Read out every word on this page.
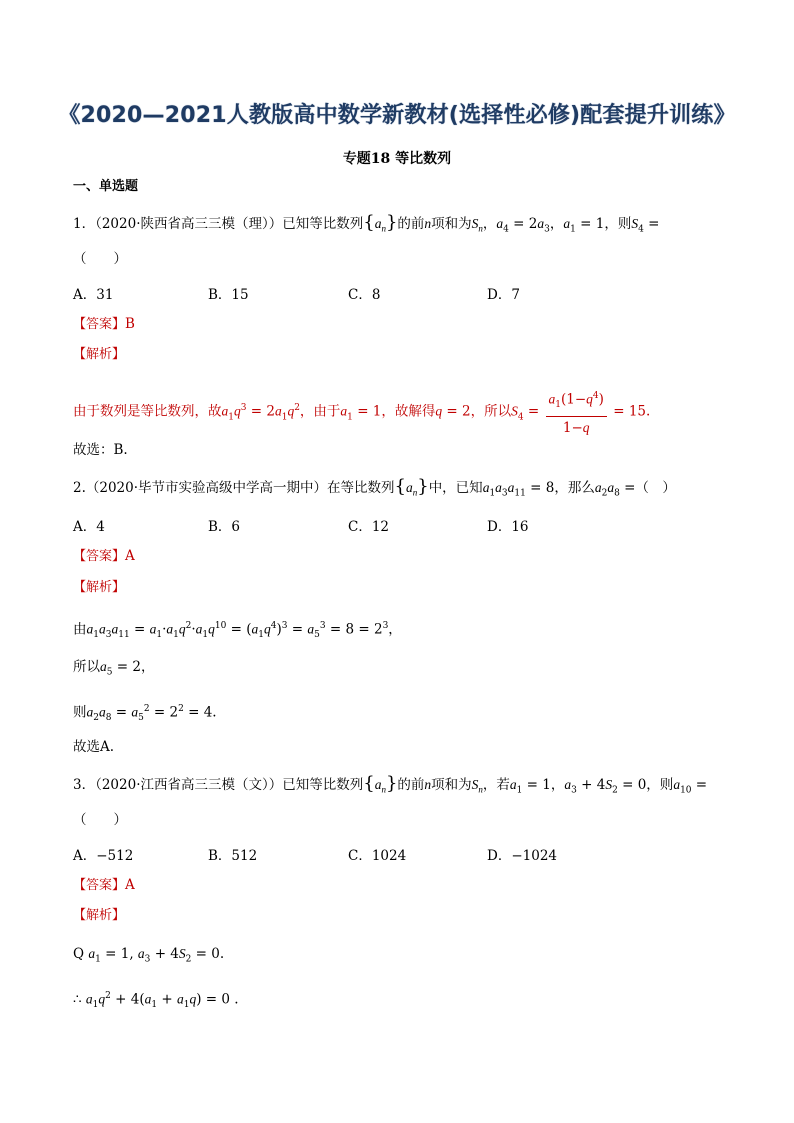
《2020—2021人教版高中数学新教材(选择性必修)配套提升训练》
专题18 等比数列
一、单选题
1．（2020·陕西省高三三模（理））已知等比数列$\{a_n\}$的前n项和为$S_n$，$a_4 = 2a_3$，$a_1 = 1$，则$S_4$ =
（　　）
A．31	B．15	C．8	D．7
【答案】B
【解析】
由于数列是等比数列，故$a_1q^3 = 2a_1q^2$，由于$a_1 = 1$，故解得q = 2，所以$S_4 = \frac{a_1(1-q^4)}{1-q} = 15$.
故选：B.
2.（2020·毕节市实验高级中学高一期中）在等比数列$\{a_n\}$中，已知$a_1a_3a_{11} = 8$，那么$a_2a_8$ =（　）
A．4	B．6	C．12	D．16
【答案】A
【解析】
由$a_1a_3a_{11} = a_1\cdot a_1q^2\cdot a_1q^{10} = (a_1q^4)^3 = a_5^3 = 8 = 2^3$，
所以$a_5 = 2$，
则$a_2a_8 = a_5^2 = 2^2 = 4$.
故选A.
3．（2020·江西省高三三模（文））已知等比数列$\{a_n\}$的前n项和为$S_n$，若$a_1 = 1$，$a_3 + 4S_2 = 0$，则$a_{10}$ =
（　　）
A．−512	B．512	C．1024	D．−1024
【答案】A
【解析】
Q $a_1 = 1$, $a_3 + 4S_2 = 0$.
∴ $a_1q^2 + 4(a_1 + a_1q) = 0$ .
